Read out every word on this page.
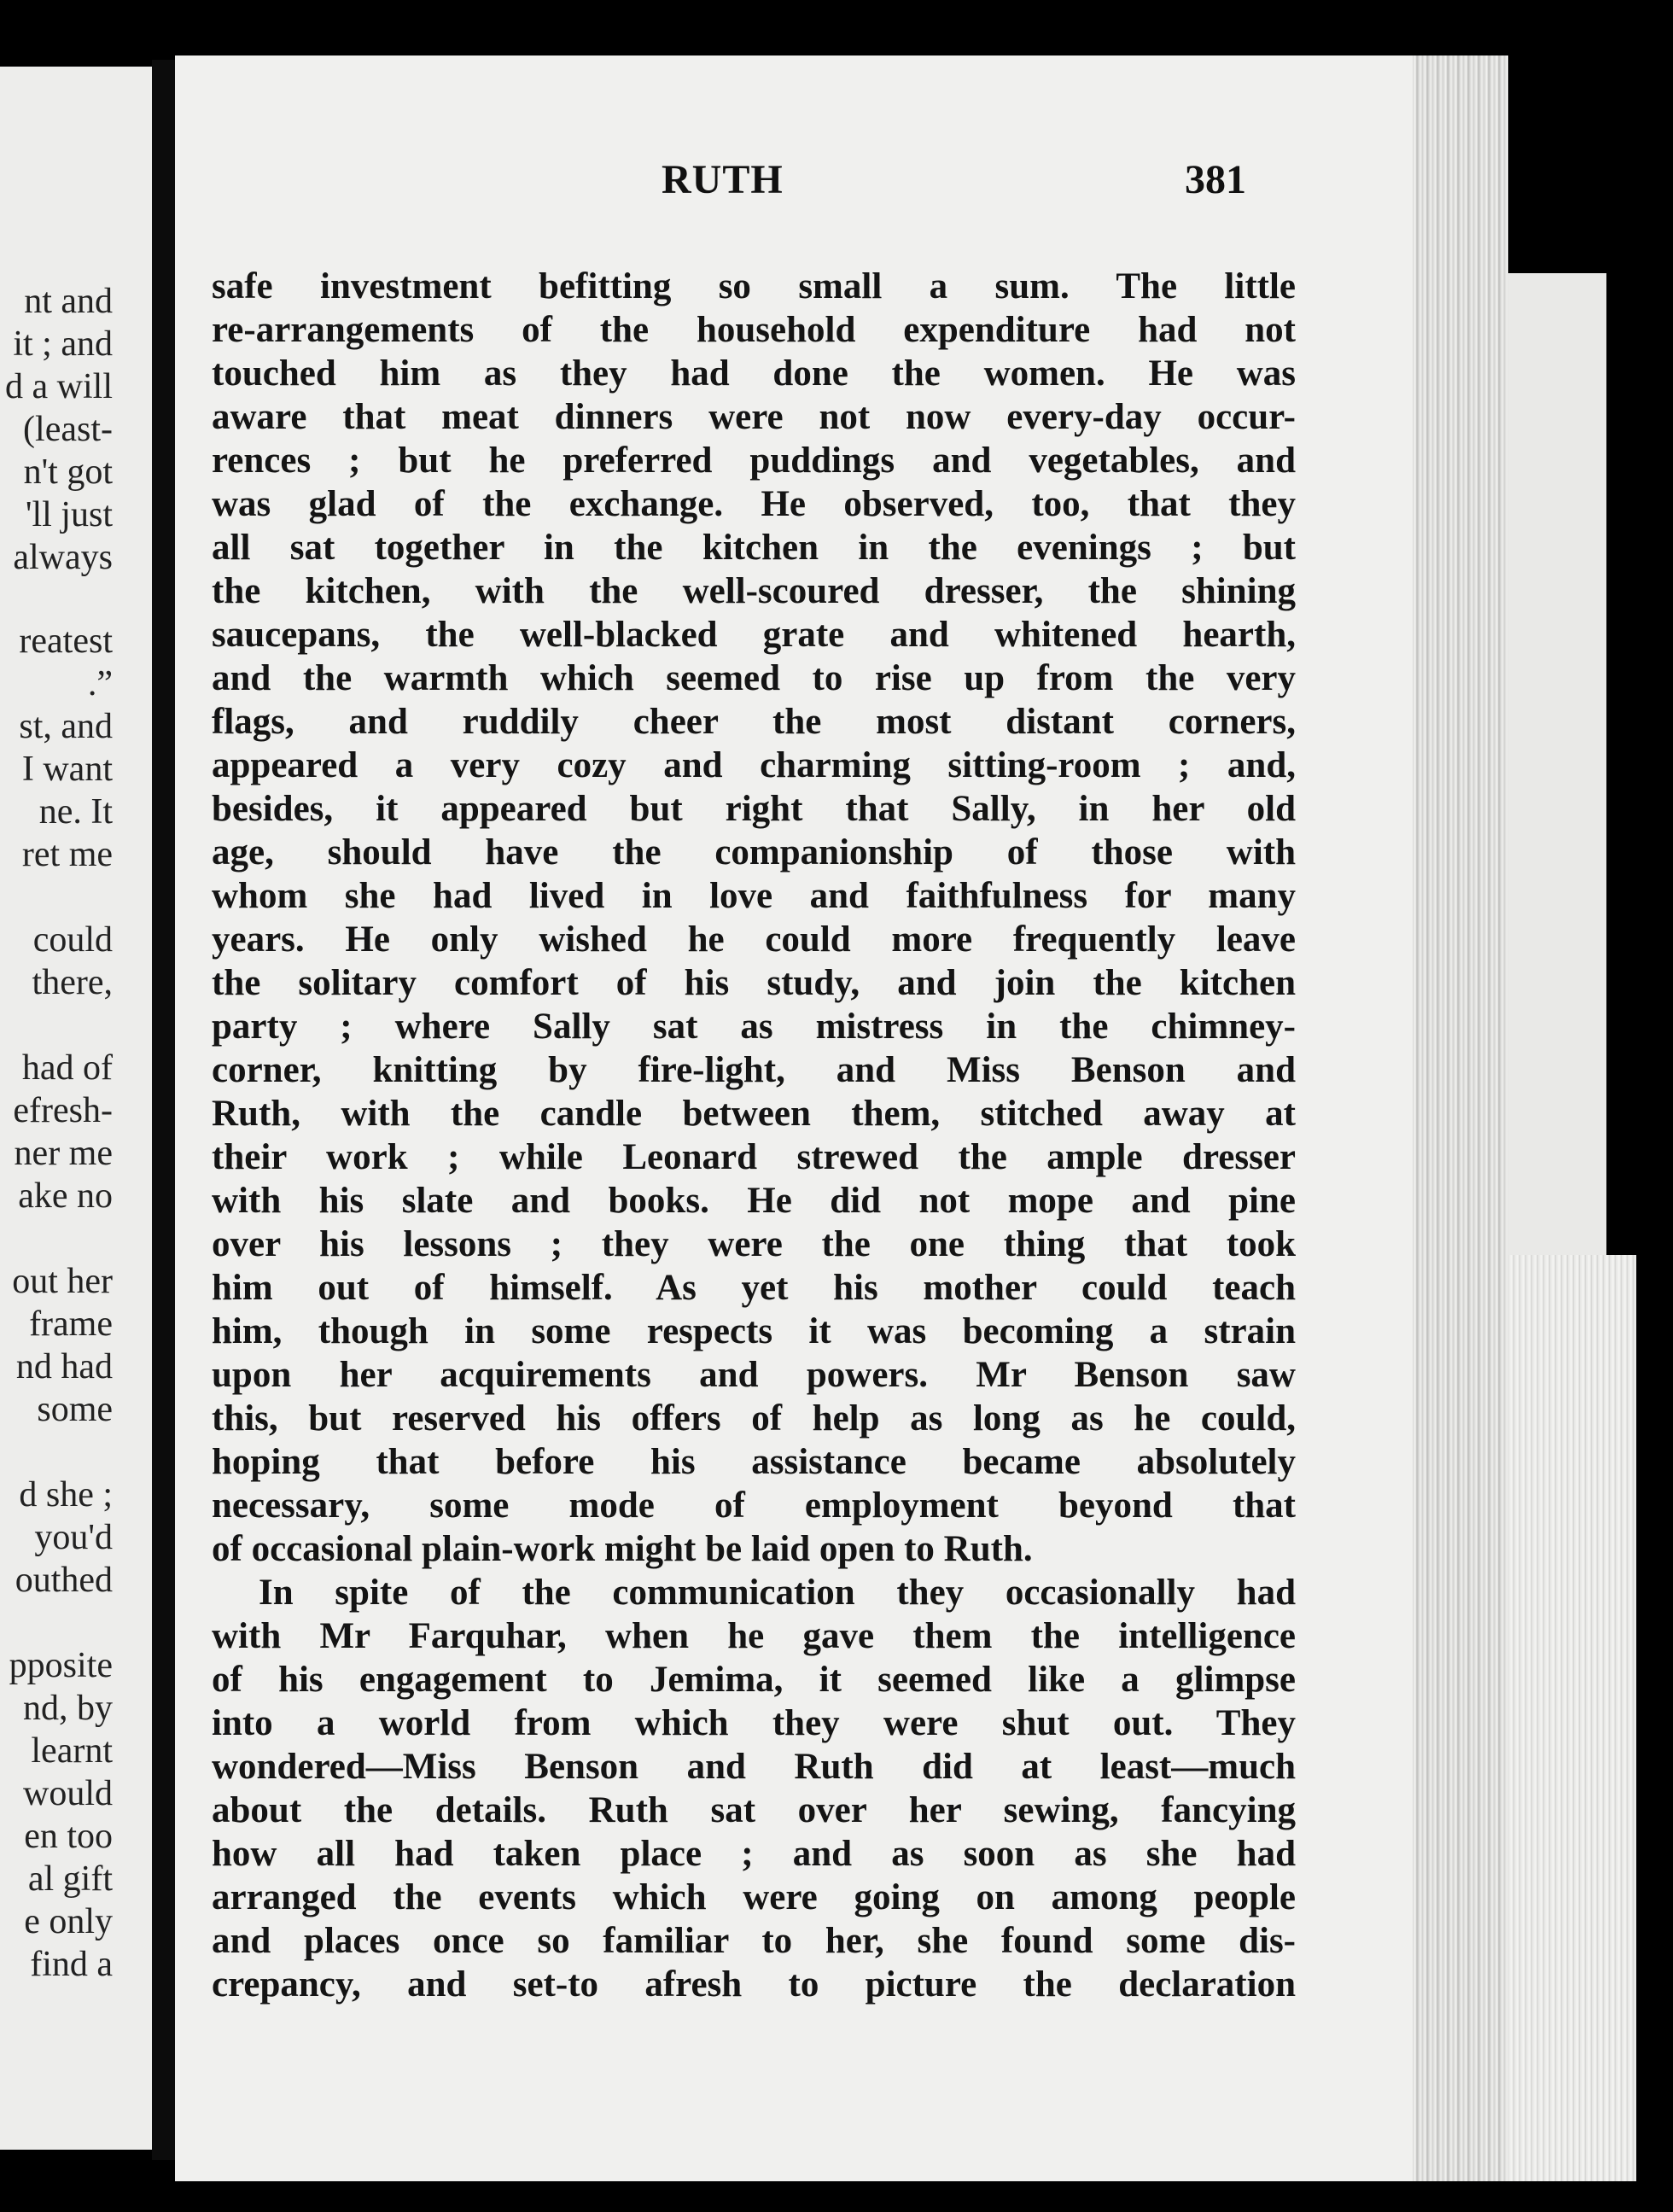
nt and
it ; and
d a will
(least-
n't got
'll just
always
reatest
.”
st, and
I want
ne. It
ret me
could
there,
had of
efresh-
ner me
ake no
out her
frame
nd had
some
d she ;
you'd
outhed
pposite
nd, by
learnt
would
en too
al gift
e only
find a
RUTH	381
safe investment befitting so small a sum. The little
re-arrangements of the household expenditure had not
touched him as they had done the women. He was
aware that meat dinners were not now every-day occur-
rences ; but he preferred puddings and vegetables, and
was glad of the exchange. He observed, too, that they
all sat together in the kitchen in the evenings ; but
the kitchen, with the well-scoured dresser, the shining
saucepans, the well-blacked grate and whitened hearth,
and the warmth which seemed to rise up from the very
flags, and ruddily cheer the most distant corners,
appeared a very cozy and charming sitting-room ; and,
besides, it appeared but right that Sally, in her old
age, should have the companionship of those with
whom she had lived in love and faithfulness for many
years. He only wished he could more frequently leave
the solitary comfort of his study, and join the kitchen
party ; where Sally sat as mistress in the chimney-
corner, knitting by fire-light, and Miss Benson and
Ruth, with the candle between them, stitched away at
their work ; while Leonard strewed the ample dresser
with his slate and books. He did not mope and pine
over his lessons ; they were the one thing that took
him out of himself. As yet his mother could teach
him, though in some respects it was becoming a strain
upon her acquirements and powers. Mr Benson saw
this, but reserved his offers of help as long as he could,
hoping that before his assistance became absolutely
necessary, some mode of employment beyond that
of occasional plain-work might be laid open to Ruth.
In spite of the communication they occasionally had
with Mr Farquhar, when he gave them the intelligence
of his engagement to Jemima, it seemed like a glimpse
into a world from which they were shut out. They
wondered—Miss Benson and Ruth did at least—much
about the details. Ruth sat over her sewing, fancying
how all had taken place ; and as soon as she had
arranged the events which were going on among people
and places once so familiar to her, she found some dis-
crepancy, and set-to afresh to picture the declaration
